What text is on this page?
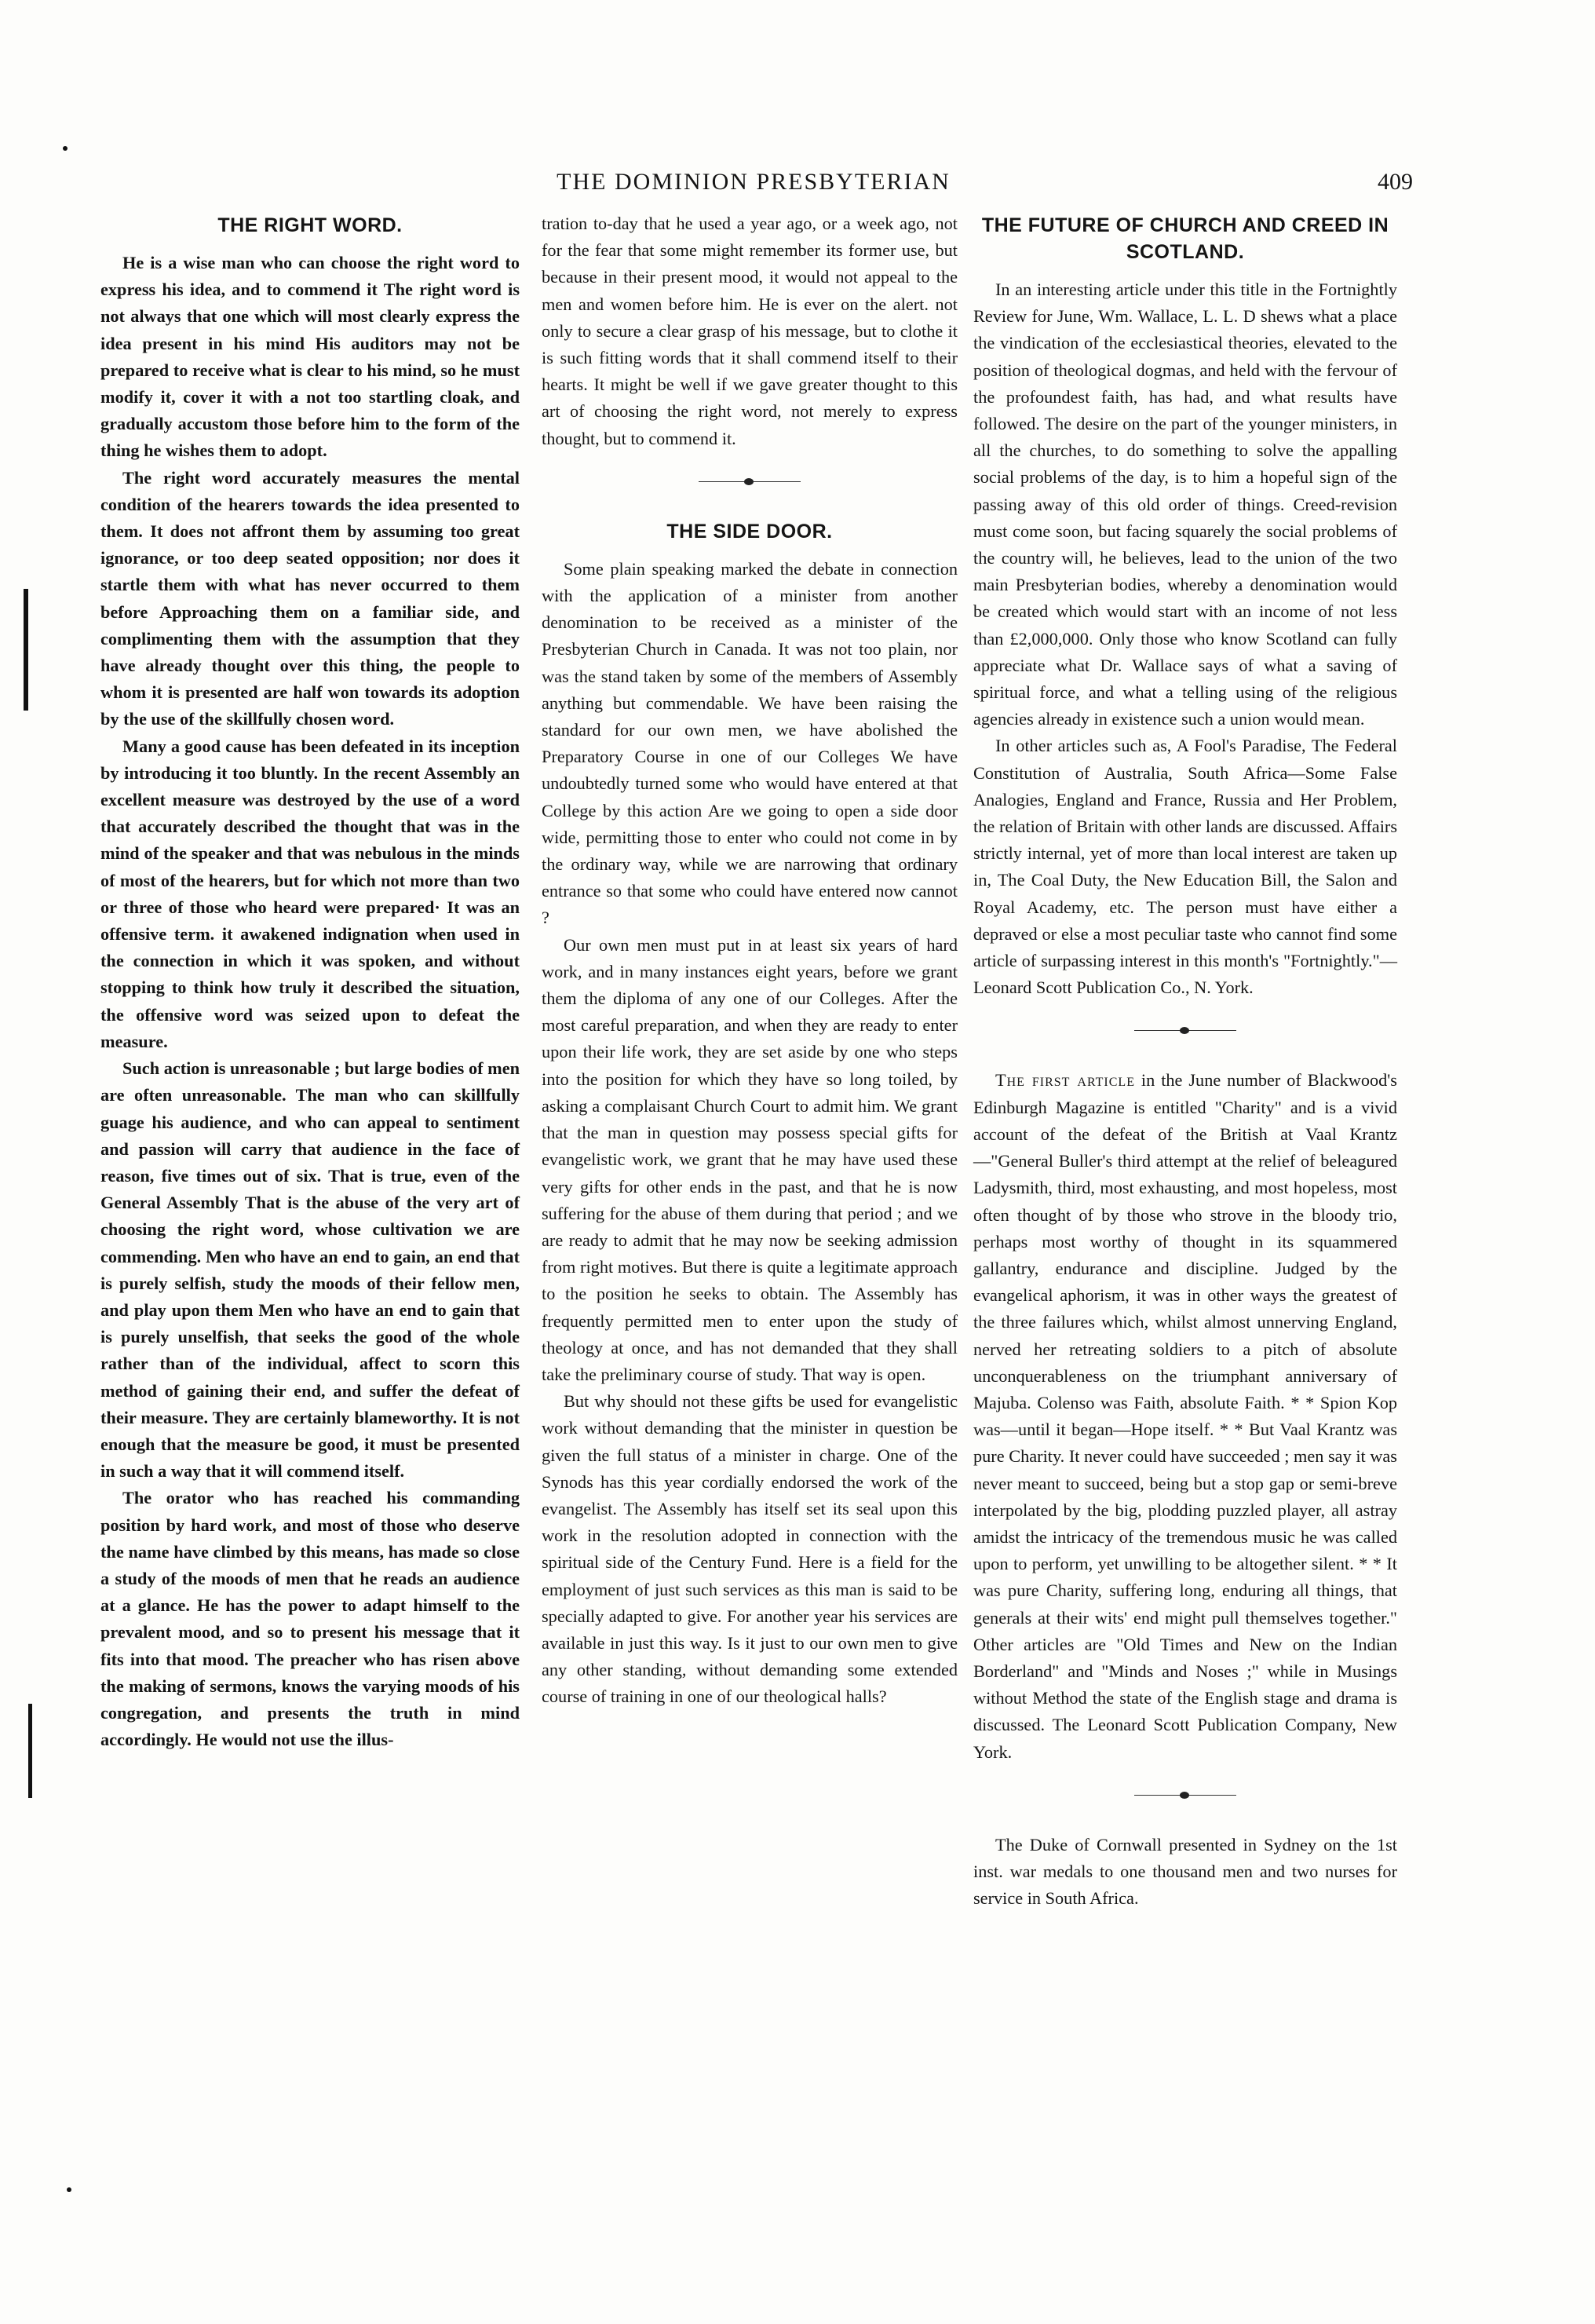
THE DOMINION PRESBYTERIAN	409
THE RIGHT WORD.

He is a wise man who can choose the right word to express his idea, and to commend it The right word is not always that one which will most clearly express the idea present in his mind His auditors may not be prepared to receive what is clear to his mind, so he must modify it, cover it with a not too startling cloak, and gradually accustom those before him to the form of the thing he wishes them to adopt.

The right word accurately measures the mental condition of the hearers towards the idea presented to them. It does not affront them by assuming too great ignorance, or too deep seated opposition; nor does it startle them with what has never occurred to them before Approaching them on a familiar side, and complimenting them with the assumption that they have already thought over this thing, the people to whom it is presented are half won towards its adoption by the use of the skillfully chosen word.

Many a good cause has been defeated in its inception by introducing it too bluntly. In the recent Assembly an excellent measure was destroyed by the use of a word that accurately described the thought that was in the mind of the speaker and that was nebulous in the minds of most of the hearers, but for which not more than two or three of those who heard were prepared· It was an offensive term. it awakened indignation when used in the connection in which it was spoken, and without stopping to think how truly it described the situation, the offensive word was seized upon to defeat the measure.

Such action is unreasonable ; but large bodies of men are often unreasonable. The man who can skillfully guage his audience, and who can appeal to sentiment and passion will carry that audience in the face of reason, five times out of six. That is true, even of the General Assembly That is the abuse of the very art of choosing the right word, whose cultivation we are commending. Men who have an end to gain, an end that is purely selfish, study the moods of their fellow men, and play upon them Men who have an end to gain that is purely unselfish, that seeks the good of the whole rather than of the individual, affect to scorn this method of gaining their end, and suffer the defeat of their measure. They are certainly blameworthy. It is not enough that the measure be good, it must be presented in such a way that it will commend itself.

The orator who has reached his commanding position by hard work, and most of those who deserve the name have climbed by this means, has made so close a study of the moods of men that he reads an audience at a glance. He has the power to adapt himself to the prevalent mood, and so to present his message that it fits into that mood. The preacher who has risen above the making of sermons, knows the varying moods of his congregation, and presents the truth in mind accordingly. He would not use the illus-

tration to-day that he used a year ago, or a week ago, not for the fear that some might remember its former use, but because in their present mood, it would not appeal to the men and women before him. He is ever on the alert. not only to secure a clear grasp of his message, but to clothe it is such fitting words that it shall commend itself to their hearts. It might be well if we gave greater thought to this art of choosing the right word, not merely to express thought, but to commend it.

THE SIDE DOOR.

Some plain speaking marked the debate in connection with the application of a minister from another denomination to be received as a minister of the Presbyterian Church in Canada. It was not too plain, nor was the stand taken by some of the members of Assembly anything but commendable. We have been raising the standard for our own men, we have abolished the Preparatory Course in one of our Colleges We have undoubtedly turned some who would have entered at that College by this action Are we going to open a side door wide, permitting those to enter who could not come in by the ordinary way, while we are narrowing that ordinary entrance so that some who could have entered now cannot ?

Our own men must put in at least six years of hard work, and in many instances eight years, before we grant them the diploma of any one of our Colleges. After the most careful preparation, and when they are ready to enter upon their life work, they are set aside by one who steps into the position for which they have so long toiled, by asking a complaisant Church Court to admit him. We grant that the man in question may possess special gifts for evangelistic work, we grant that he may have used these very gifts for other ends in the past, and that he is now suffering for the abuse of them during that period ; and we are ready to admit that he may now be seeking admission from right motives. But there is quite a legitimate approach to the position he seeks to obtain. The Assembly has frequently permitted men to enter upon the study of theology at once, and has not demanded that they shall take the preliminary course of study. That way is open.

But why should not these gifts be used for evangelistic work without demanding that the minister in question be given the full status of a minister in charge. One of the Synods has this year cordially endorsed the work of the evangelist. The Assembly has itself set its seal upon this work in the resolution adopted in connection with the spiritual side of the Century Fund. Here is a field for the employment of just such services as this man is said to be specially adapted to give. For another year his services are available in just this way. Is it just to our own men to give any other standing, without demanding some extended course of training in one of our theological halls?

THE FUTURE OF CHURCH AND CREED IN SCOTLAND.

In an interesting article under this title in the Fortnightly Review for June, Wm. Wallace, L. L. D shews what a place the vindication of the ecclesiastical theories, elevated to the position of theological dogmas, and held with the fervour of the profoundest faith, has had, and what results have followed. The desire on the part of the younger ministers, in all the churches, to do something to solve the appalling social problems of the day, is to him a hopeful sign of the passing away of this old order of things. Creed-revision must come soon, but facing squarely the social problems of the country will, he believes, lead to the union of the two main Presbyterian bodies, whereby a denomination would be created which would start with an income of not less than £2,000,000. Only those who know Scotland can fully appreciate what Dr. Wallace says of what a saving of spiritual force, and what a telling using of the religious agencies already in existence such a union would mean.

In other articles such as, A Fool's Paradise, The Federal Constitution of Australia, South Africa—Some False Analogies, England and France, Russia and Her Problem, the relation of Britain with other lands are discussed. Affairs strictly internal, yet of more than local interest are taken up in, The Coal Duty, the New Education Bill, the Salon and Royal Academy, etc. The person must have either a depraved or else a most peculiar taste who cannot find some article of surpassing interest in this month's "Fortnightly."—Leonard Scott Publication Co., N. York.

The first article in the June number of Blackwood's Edinburgh Magazine is entitled "Charity" and is a vivid account of the defeat of the British at Vaal Krantz—"General Buller's third attempt at the relief of beleagured Ladysmith, third, most exhausting, and most hopeless, most often thought of by those who strove in the bloody trio, perhaps most worthy of thought in its squammered gallantry, endurance and discipline. Judged by the evangelical aphorism, it was in other ways the greatest of the three failures which, whilst almost unnerving England, nerved her retreating soldiers to a pitch of absolute unconquerableness on the triumphant anniversary of Majuba. Colenso was Faith, absolute Faith. * * Spion Kop was—until it began—Hope itself. * * But Vaal Krantz was pure Charity. It never could have succeeded ; men say it was never meant to succeed, being but a stop gap or semi-breve interpolated by the big, plodding puzzled player, all astray amidst the intricacy of the tremendous music he was called upon to perform, yet unwilling to be altogether silent. * * It was pure Charity, suffering long, enduring all things, that generals at their wits' end might pull themselves together." Other articles are "Old Times and New on the Indian Borderland" and "Minds and Noses ;" while in Musings without Method the state of the English stage and drama is discussed. The Leonard Scott Publication Company, New York.

The Duke of Cornwall presented in Sydney on the 1st inst. war medals to one thousand men and two nurses for service in South Africa.
